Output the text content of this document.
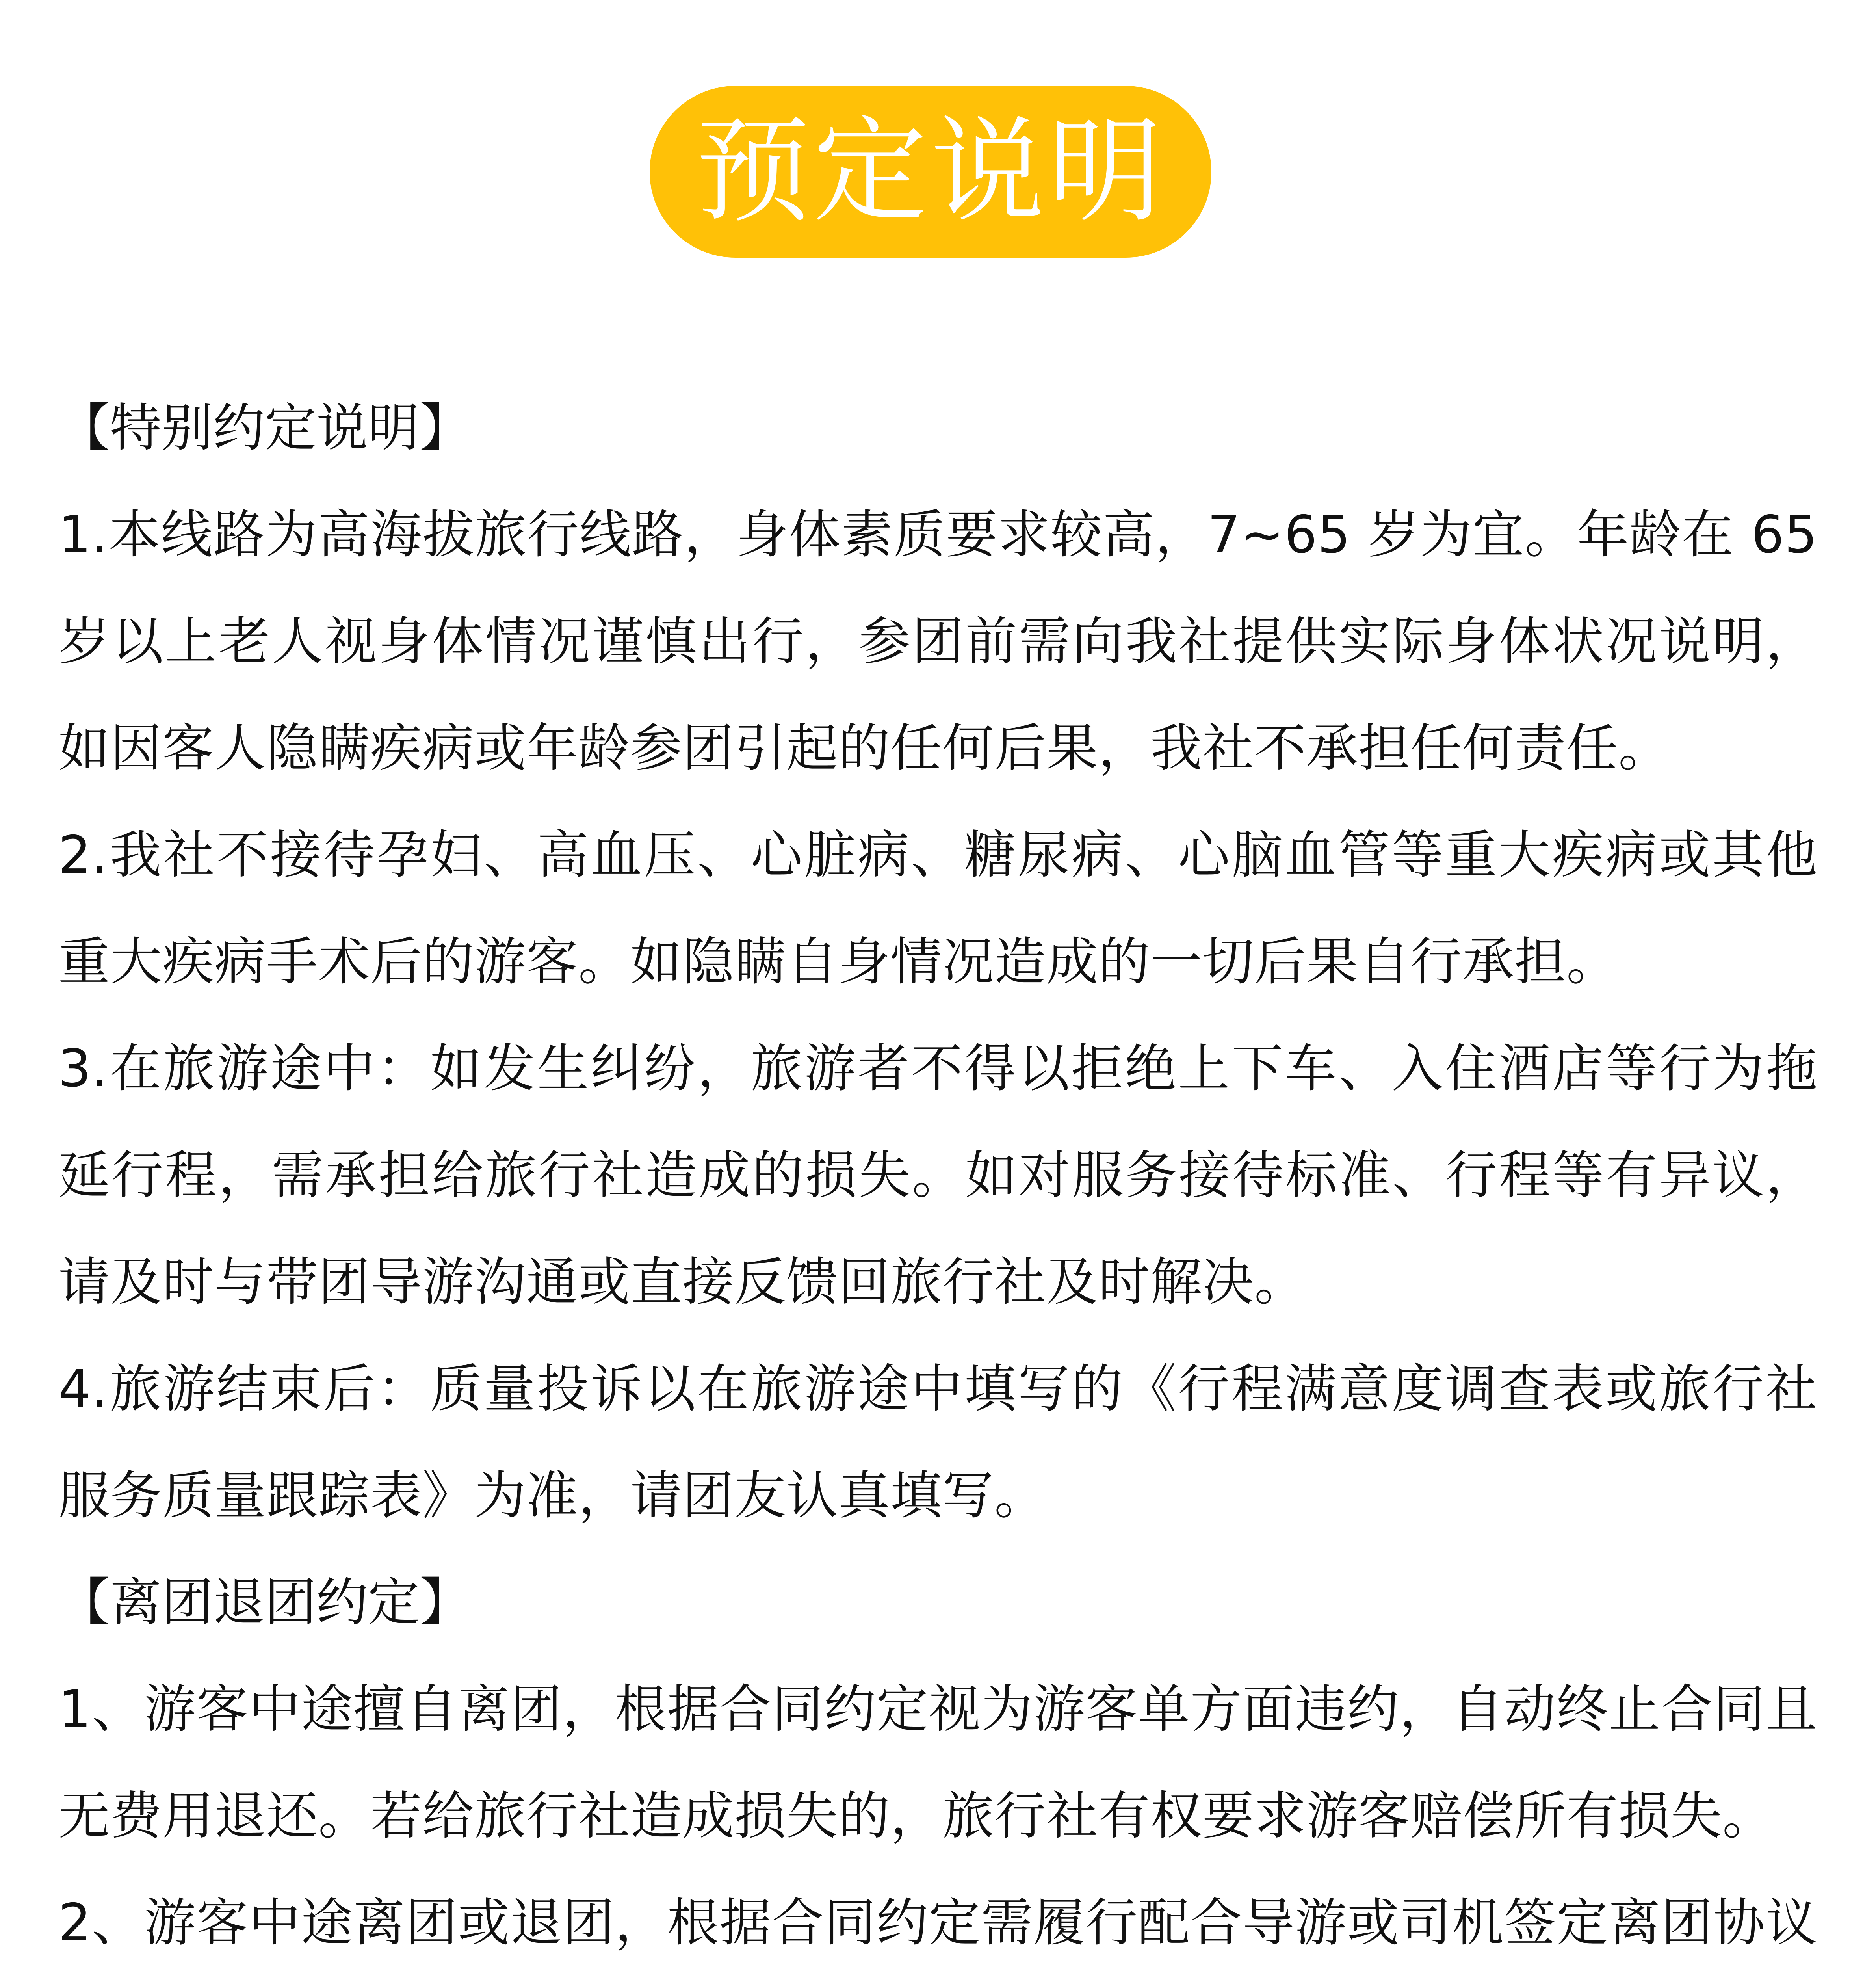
预定说明

【特别约定说明】

1.本线路为高海拔旅行线路，身体素质要求较高，7~65 岁为宜。年龄在 65 岁以上老人视身体情况谨慎出行，参团前需向我社提供实际身体状况说明，如因客人隐瞒疾病或年龄参团引起的任何后果，我社不承担任何责任。

2.我社不接待孕妇、高血压、心脏病、糖尿病、心脑血管等重大疾病或其他重大疾病手术后的游客。如隐瞒自身情况造成的一切后果自行承担。

3.在旅游途中：如发生纠纷，旅游者不得以拒绝上下车、入住酒店等行为拖延行程，需承担给旅行社造成的损失。如对服务接待标准、行程等有异议，请及时与带团导游沟通或直接反馈回旅行社及时解决。

4.旅游结束后：质量投诉以在旅游途中填写的《行程满意度调查表或旅行社服务质量跟踪表》为准，请团友认真填写。

【离团退团约定】

1、游客中途擅自离团，根据合同约定视为游客单方面违约，自动终止合同且无费用退还。若给旅行社造成损失的，旅行社有权要求游客赔偿所有损失。

2、游客中途离团或退团，根据合同约定需履行配合导游或司机签定离团协议
